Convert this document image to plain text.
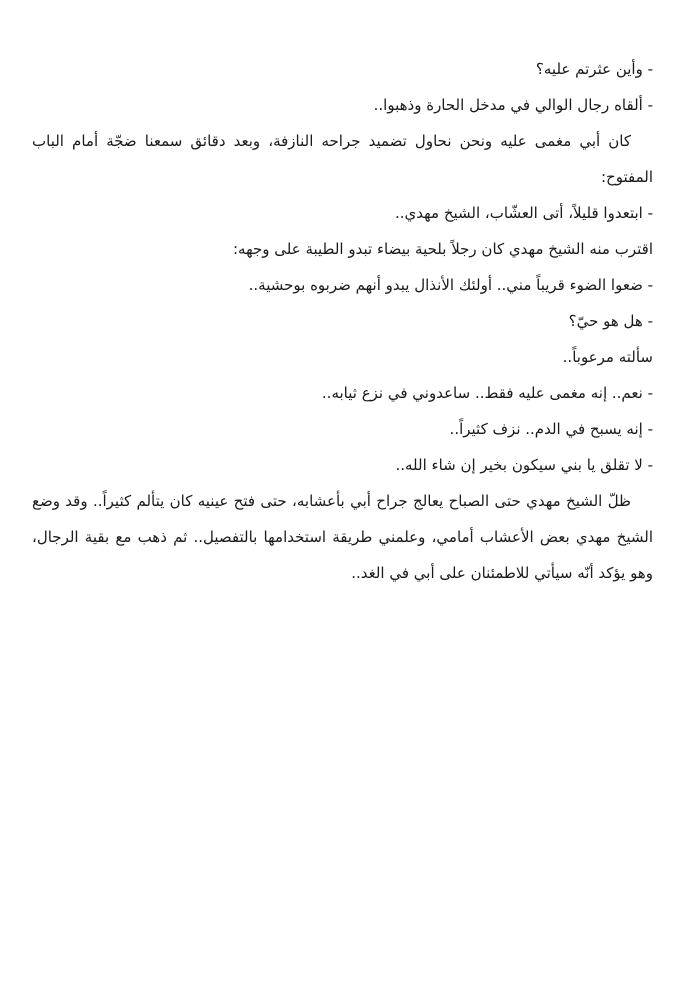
- وأين عثرتم عليه؟

- ألقاه رجال الوالي في مدخل الحارة وذهبوا..

كان أبي مغمى عليه ونحن نحاول تضميد جراحه النازفة، وبعد دقائق سمعنا ضجّة أمام الباب المفتوح:

- ابتعدوا قليلاً، أتى العشّاب، الشيخ مهدي..

اقترب منه الشيخ مهدي كان رجلاً بلحية بيضاء تبدو الطيبة على وجهه:

- ضعوا الضوء قريباً مني.. أولئك الأنذال يبدو أنهم ضربوه بوحشية..

- هل هو حيّ؟

سألته مرعوباً..

- نعم.. إنه مغمى عليه فقط.. ساعدوني في نزع ثيابه..

- إنه يسبح في الدم.. نزف كثيراً..

- لا تقلق يا بني سيكون بخير إن شاء الله..

ظلّ الشيخ مهدي حتى الصباح يعالج جراح أبي بأعشابه، حتى فتح عينيه كان يتألم كثيراً.. وقد وضع الشيخ مهدي بعض الأعشاب أمامي، وعلمني طريقة استخدامها بالتفصيل.. ثم ذهب مع بقية الرجال، وهو يؤكد أنّه سيأتي للاطمئنان على أبي في الغد..
